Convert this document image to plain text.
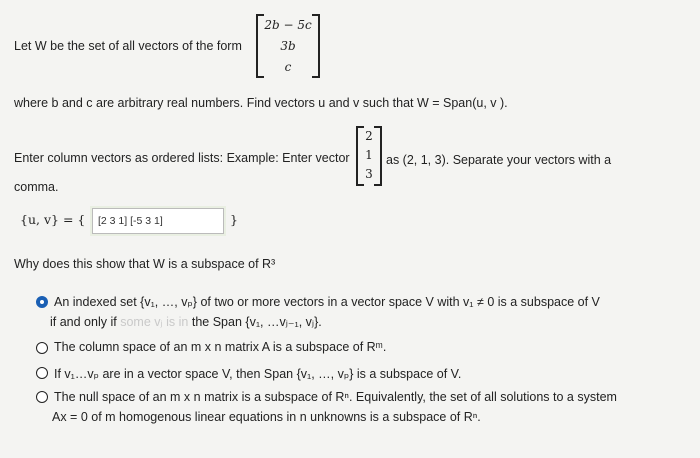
Let W be the set of all vectors of the form
2b − 5c
3b
c
where b and c are arbitrary real numbers. Find vectors u and v such that W = Span(u, v ).
Enter column vectors as ordered lists: Example: Enter vector
2
1
3
as (2, 1, 3). Separate your vectors with a
comma.
{u, v} = {
[2 3 1] [-5 3 1]	}
Why does this show that W is a subspace of R³
An indexed set {v₁, …, vₚ} of two or more vectors in a vector space V with v₁ ≠ 0 is a subspace of V
if and only if some vⱼ is in the Span {v₁, …vⱼ₋₁, vⱼ}.
The column space of an m x n matrix A is a subspace of Rᵐ.
If v₁…vₚ are in a vector space V, then Span {v₁, …, vₚ} is a subspace of V.
The null space of an m x n matrix is a subspace of Rⁿ. Equivalently, the set of all solutions to a system
Ax = 0 of m homogenous linear equations in n unknowns is a subspace of Rⁿ.
